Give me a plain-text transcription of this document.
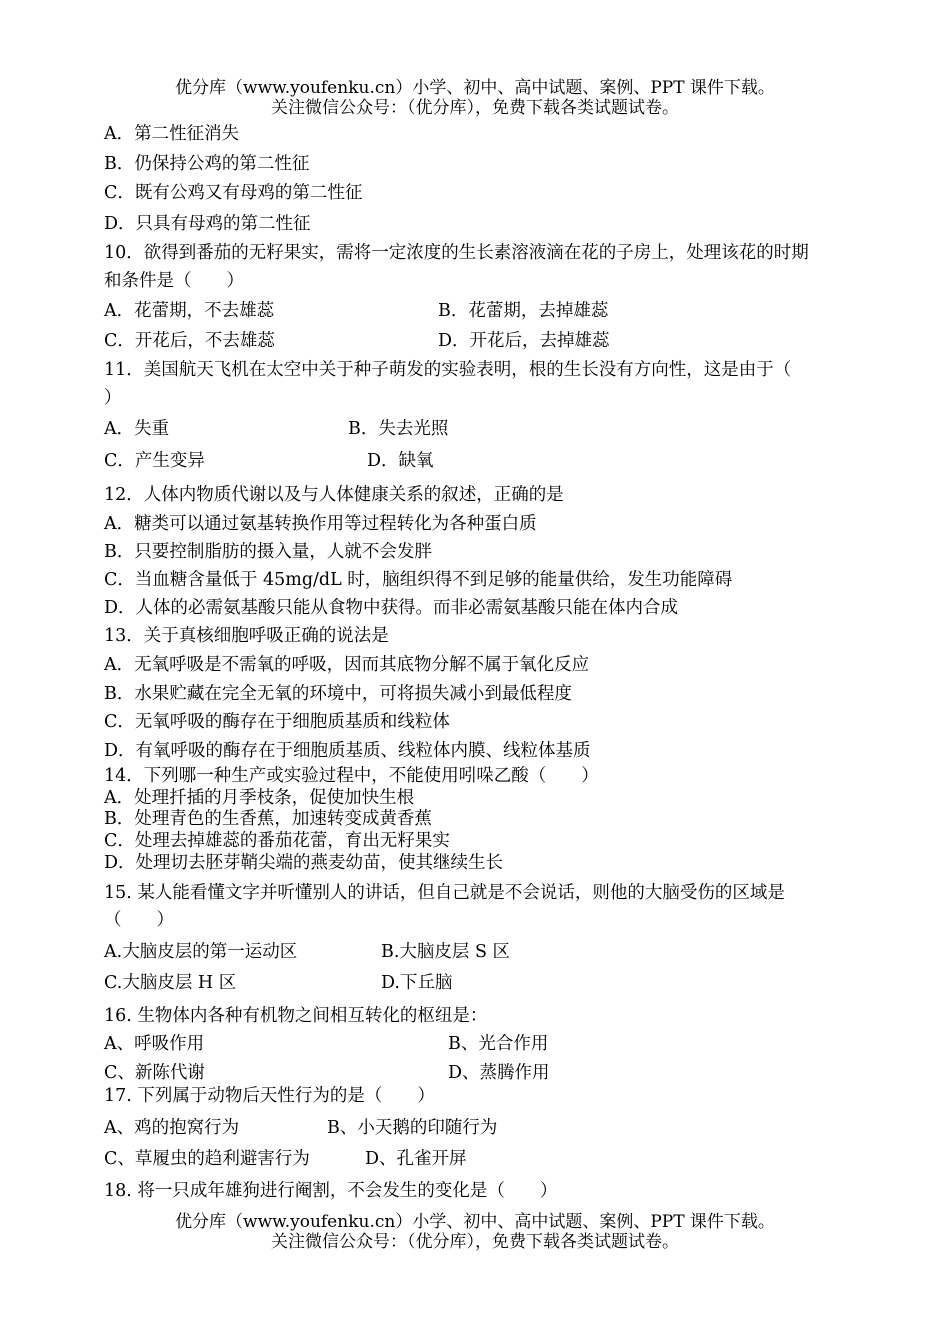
优分库（www.youfenku.cn）小学、初中、高中试题、案例、PPT 课件下载。
关注微信公众号：（优分库），免费下载各类试题试卷。
A．第二性征消失
B．仍保持公鸡的第二性征
C．既有公鸡又有母鸡的第二性征
D．只具有母鸡的第二性征
10．欲得到番茄的无籽果实，需将一定浓度的生长素溶液滴在花的子房上，处理该花的时期
和条件是（　　）
A．花蕾期，不去雄蕊	B．花蕾期，去掉雄蕊
C．开花后，不去雄蕊	D．开花后，去掉雄蕊
11．美国航天飞机在太空中关于种子萌发的实验表明，根的生长没有方向性，这是由于（
）
A．失重	B．失去光照
C．产生变异	D．缺氧
12．人体内物质代谢以及与人体健康关系的叙述，正确的是
A．糖类可以通过氨基转换作用等过程转化为各种蛋白质
B．只要控制脂肪的摄入量，人就不会发胖
C．当血糖含量低于 45mg/dL 时，脑组织得不到足够的能量供给，发生功能障碍
D．人体的必需氨基酸只能从食物中获得。而非必需氨基酸只能在体内合成
13．关于真核细胞呼吸正确的说法是
A．无氧呼吸是不需氧的呼吸，因而其底物分解不属于氧化反应
B．水果贮藏在完全无氧的环境中，可将损失减小到最低程度
C．无氧呼吸的酶存在于细胞质基质和线粒体
D．有氧呼吸的酶存在于细胞质基质、线粒体内膜、线粒体基质
14．下列哪一种生产或实验过程中，不能使用吲哚乙酸（　　）
A．处理扦插的月季枝条，促使加快生根
B．处理青色的生香蕉，加速转变成黄香蕉
C．处理去掉雄蕊的番茄花蕾，育出无籽果实
D．处理切去胚芽鞘尖端的燕麦幼苗，使其继续生长
15. 某人能看懂文字并听懂别人的讲话，但自己就是不会说话，则他的大脑受伤的区域是
（　　）
A.大脑皮层的第一运动区	B.大脑皮层 S 区
C.大脑皮层 H 区	D.下丘脑
16. 生物体内各种有机物之间相互转化的枢纽是：
A、呼吸作用	B、光合作用
C、新陈代谢	D、蒸腾作用
17. 下列属于动物后天性行为的是（　　）
A、鸡的抱窝行为	B、小天鹅的印随行为
C、草履虫的趋利避害行为	D、孔雀开屏
18. 将一只成年雄狗进行阉割，不会发生的变化是（　　）
优分库（www.youfenku.cn）小学、初中、高中试题、案例、PPT 课件下载。
关注微信公众号：（优分库），免费下载各类试题试卷。
